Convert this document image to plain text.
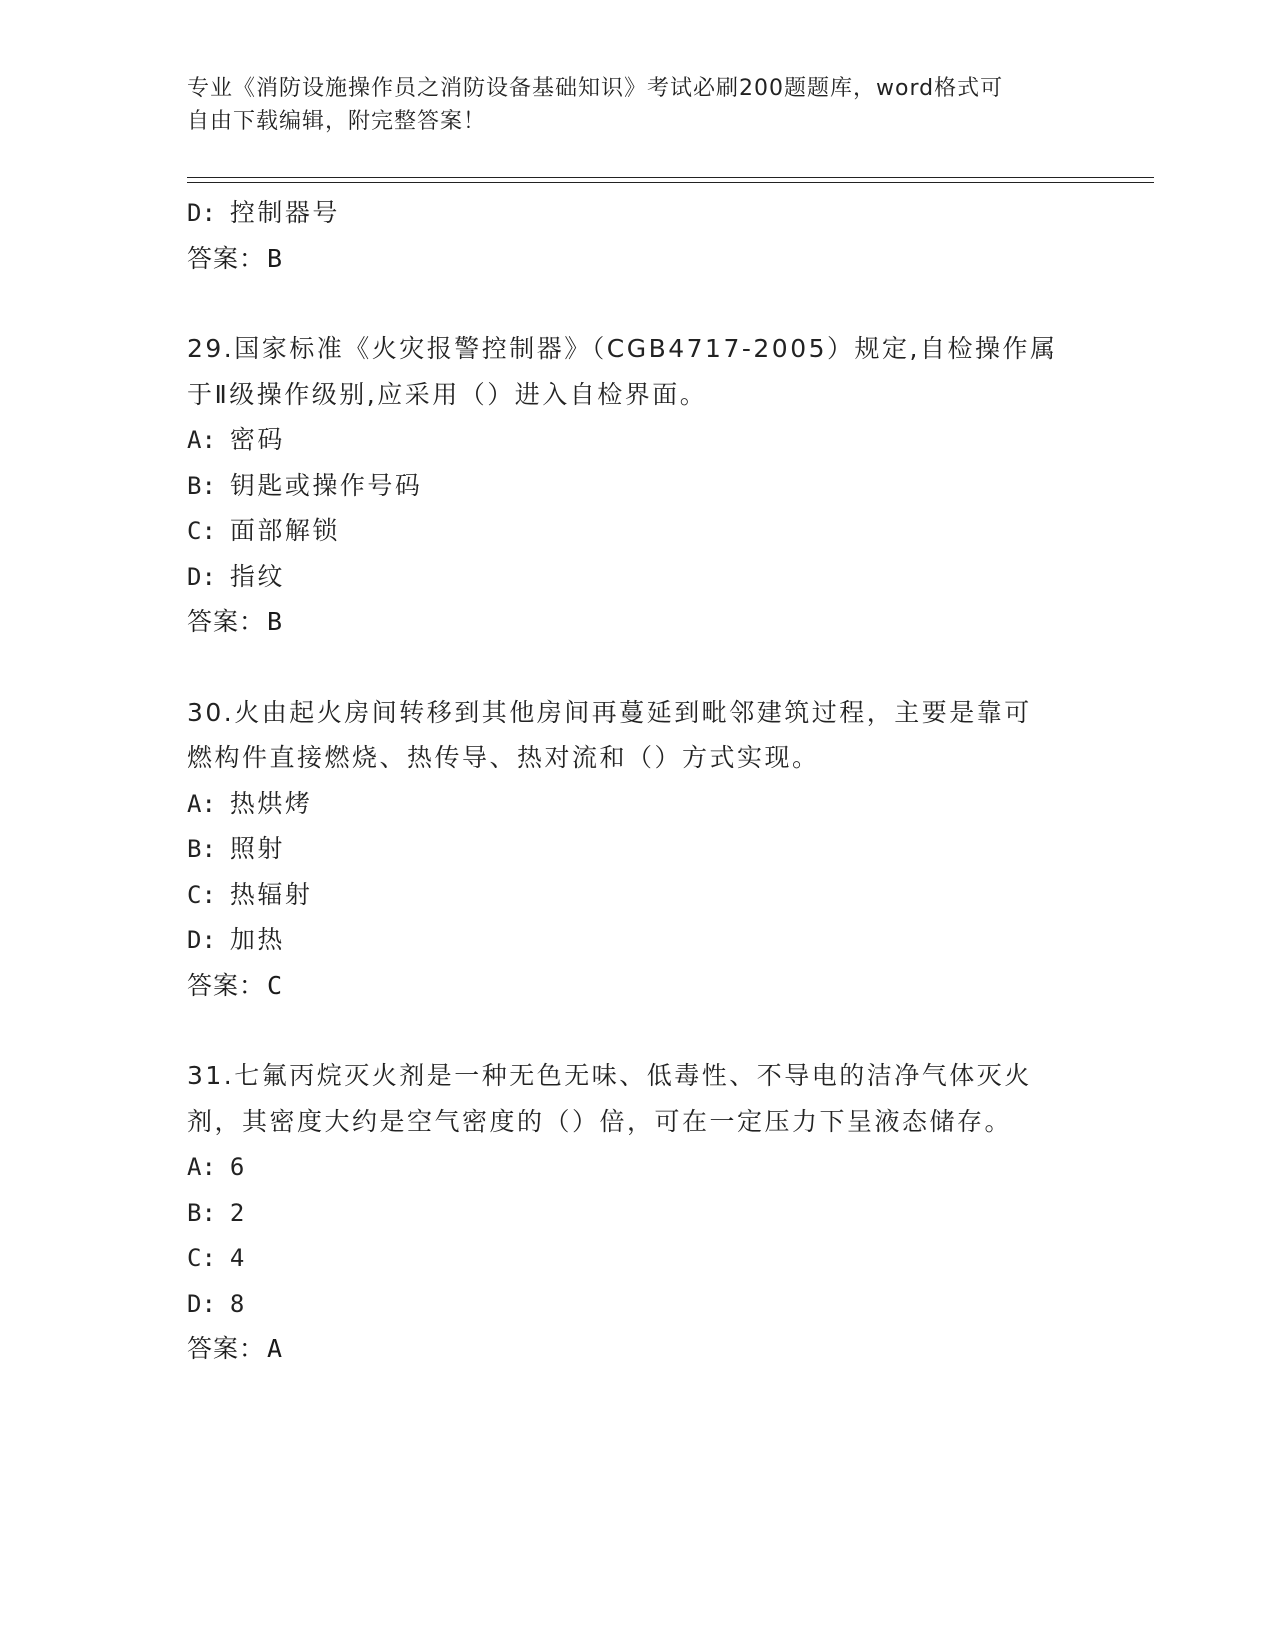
专业《消防设施操作员之消防设备基础知识》考试必刷200题题库，word格式可
自由下载编辑，附完整答案！
D: 控制器号
答案：B
29.国家标准《火灾报警控制器》（CGB4717-2005）规定,自检操作属
于Ⅱ级操作级别,应采用（）进入自检界面。
A: 密码
B: 钥匙或操作号码
C: 面部解锁
D: 指纹
答案：B
30.火由起火房间转移到其他房间再蔓延到毗邻建筑过程，主要是靠可
燃构件直接燃烧、热传导、热对流和（）方式实现。
A: 热烘烤
B: 照射
C: 热辐射
D: 加热
答案：C
31.七氟丙烷灭火剂是一种无色无味、低毒性、不导电的洁净气体灭火
剂，其密度大约是空气密度的（）倍，可在一定压力下呈液态储存。
A: 6
B: 2
C: 4
D: 8
答案：A
